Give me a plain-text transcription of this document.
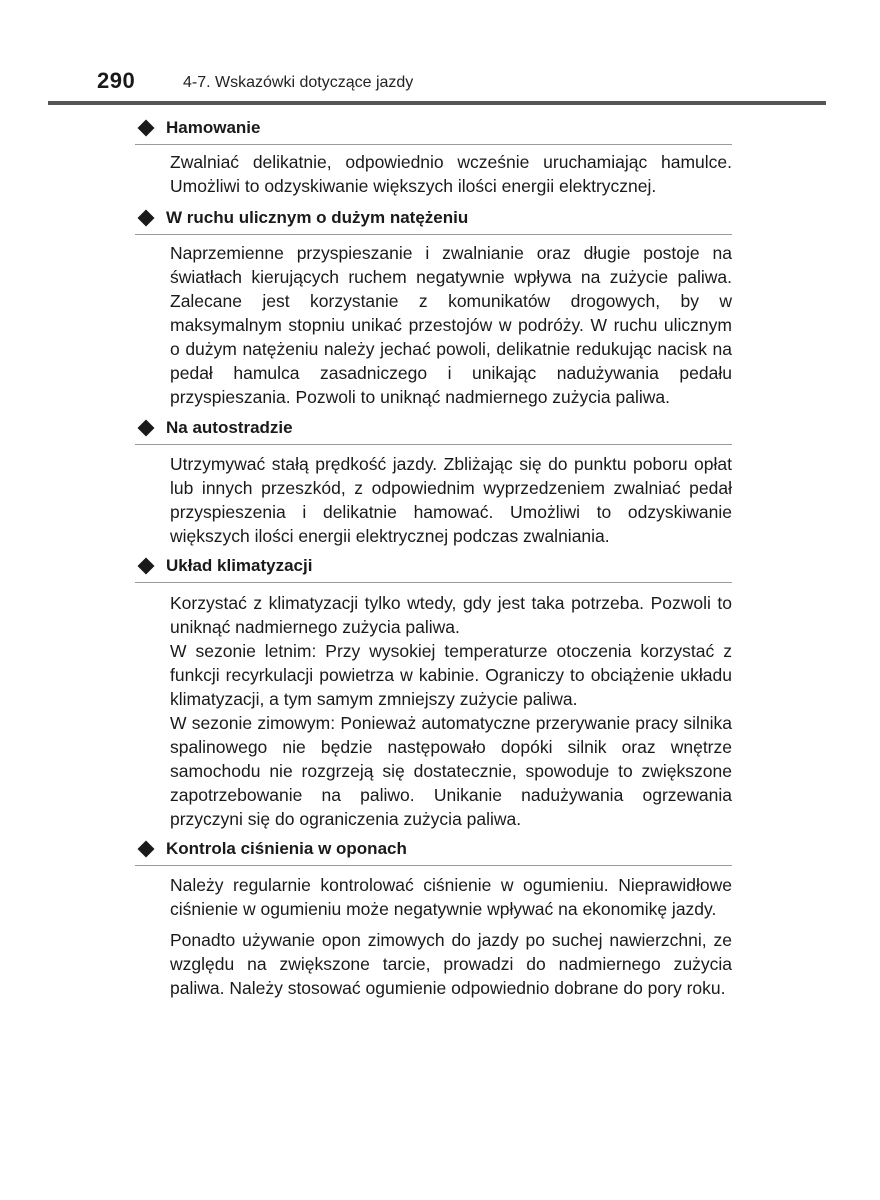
290	4-7. Wskazówki dotyczące jazdy
Hamowanie

Zwalniać delikatnie, odpowiednio wcześnie uruchamiając hamulce. Umożliwi to odzyskiwanie większych ilości energii elektrycznej.

W ruchu ulicznym o dużym natężeniu

Naprzemienne przyspieszanie i zwalnianie oraz długie postoje na światłach kierujących ruchem negatywnie wpływa na zużycie paliwa. Zalecane jest korzystanie z komunikatów drogowych, by w maksymalnym stopniu unikać przestojów w podróży. W ruchu ulicznym o dużym natężeniu należy jechać powoli, delikatnie redukując nacisk na pedał hamulca zasadniczego i unikając nadużywania pedału przyspieszania. Pozwoli to uniknąć nadmiernego zużycia paliwa.

Na autostradzie

Utrzymywać stałą prędkość jazdy. Zbliżając się do punktu poboru opłat lub innych przeszkód, z odpowiednim wyprzedzeniem zwalniać pedał przyspieszenia i delikatnie hamować. Umożliwi to odzyskiwanie większych ilości energii elektrycznej podczas zwalniania.

Układ klimatyzacji

Korzystać z klimatyzacji tylko wtedy, gdy jest taka potrzeba. Pozwoli to uniknąć nadmiernego zużycia paliwa.

W sezonie letnim: Przy wysokiej temperaturze otoczenia korzystać z funkcji recyrkulacji powietrza w kabinie. Ograniczy to obciążenie układu klimatyzacji, a tym samym zmniejszy zużycie paliwa.

W sezonie zimowym: Ponieważ automatyczne przerywanie pracy silnika spalinowego nie będzie następowało dopóki silnik oraz wnętrze samochodu nie rozgrzeją się dostatecznie, spowoduje to zwiększone zapotrzebowanie na paliwo. Unikanie nadużywania ogrzewania przyczyni się do ograniczenia zużycia paliwa.

Kontrola ciśnienia w oponach

Należy regularnie kontrolować ciśnienie w ogumieniu. Nieprawidłowe ciśnienie w ogumieniu może negatywnie wpływać na ekonomikę jazdy.

Ponadto używanie opon zimowych do jazdy po suchej nawierzchni, ze względu na zwiększone tarcie, prowadzi do nadmiernego zużycia paliwa. Należy stosować ogumienie odpowiednio dobrane do pory roku.
